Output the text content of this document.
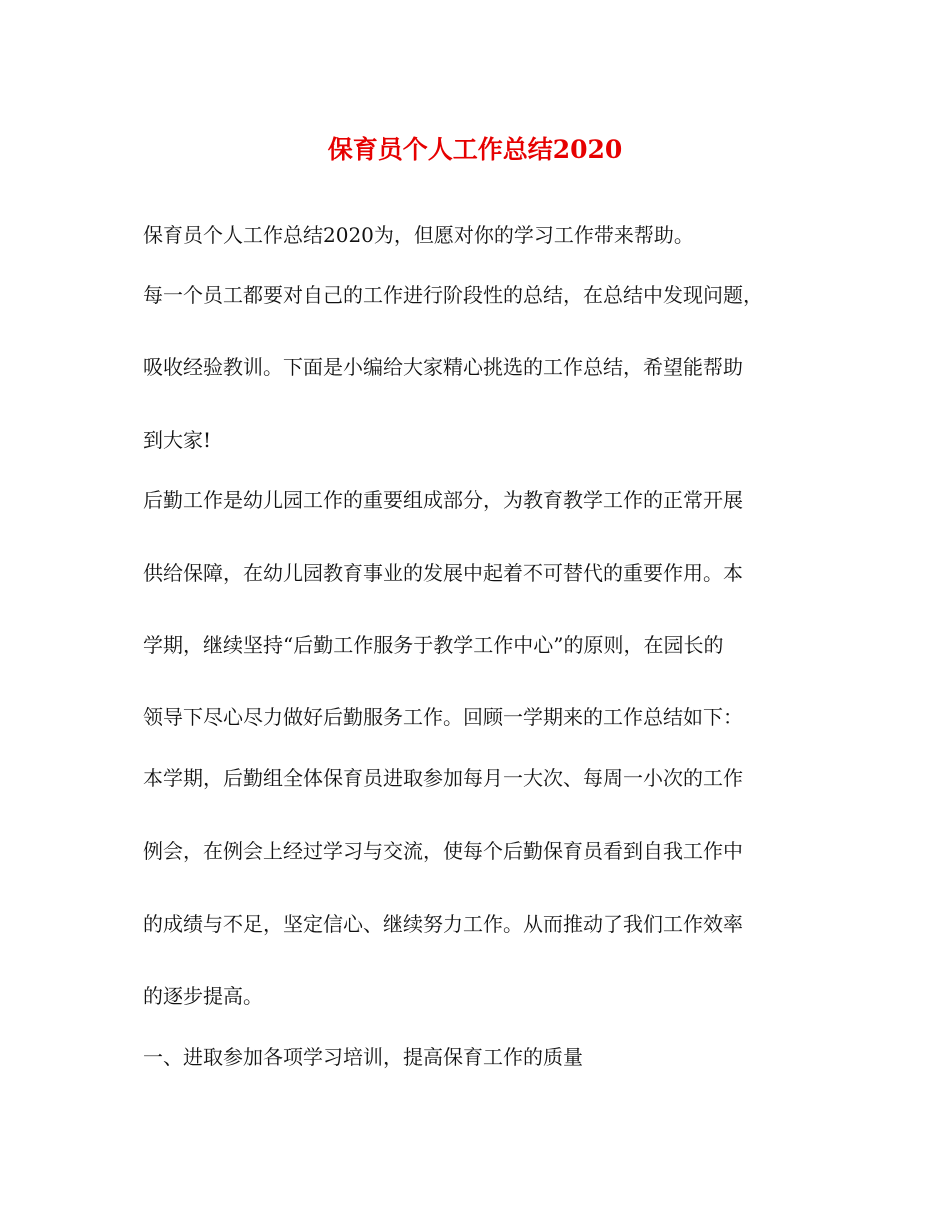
保育员个人工作总结2020

保育员个人工作总结2020为，但愿对你的学习工作带来帮助。

每一个员工都要对自己的工作进行阶段性的总结，在总结中发现问题，

吸收经验教训。下面是小编给大家精心挑选的工作总结，希望能帮助

到大家!

后勤工作是幼儿园工作的重要组成部分，为教育教学工作的正常开展

供给保障，在幼儿园教育事业的发展中起着不可替代的重要作用。本

学期，继续坚持“后勤工作服务于教学工作中心”的原则，在园长的

领导下尽心尽力做好后勤服务工作。回顾一学期来的工作总结如下：

本学期，后勤组全体保育员进取参加每月一大次、每周一小次的工作

例会，在例会上经过学习与交流，使每个后勤保育员看到自我工作中

的成绩与不足，坚定信心、继续努力工作。从而推动了我们工作效率

的逐步提高。

一、进取参加各项学习培训，提高保育工作的质量
